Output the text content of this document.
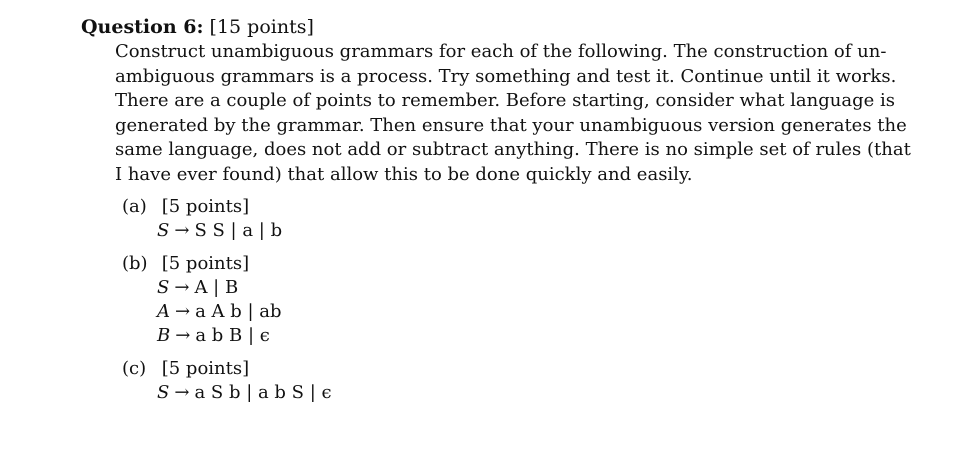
Question 6: [15 points]
Construct unambiguous grammars for each of the following. The construction of un-
ambiguous grammars is a process. Try something and test it. Continue until it works.
There are a couple of points to remember. Before starting, consider what language is
generated by the grammar. Then ensure that your unambiguous version generates the
same language, does not add or subtract anything. There is no simple set of rules (that
I have ever found) that allow this to be done quickly and easily.
(a) [5 points]
S → S S | a | b
(b) [5 points]
S → A | B
A → a A b | ab
B → a b B | ϵ
(c) [5 points]
S → a S b | a b S | ϵ
